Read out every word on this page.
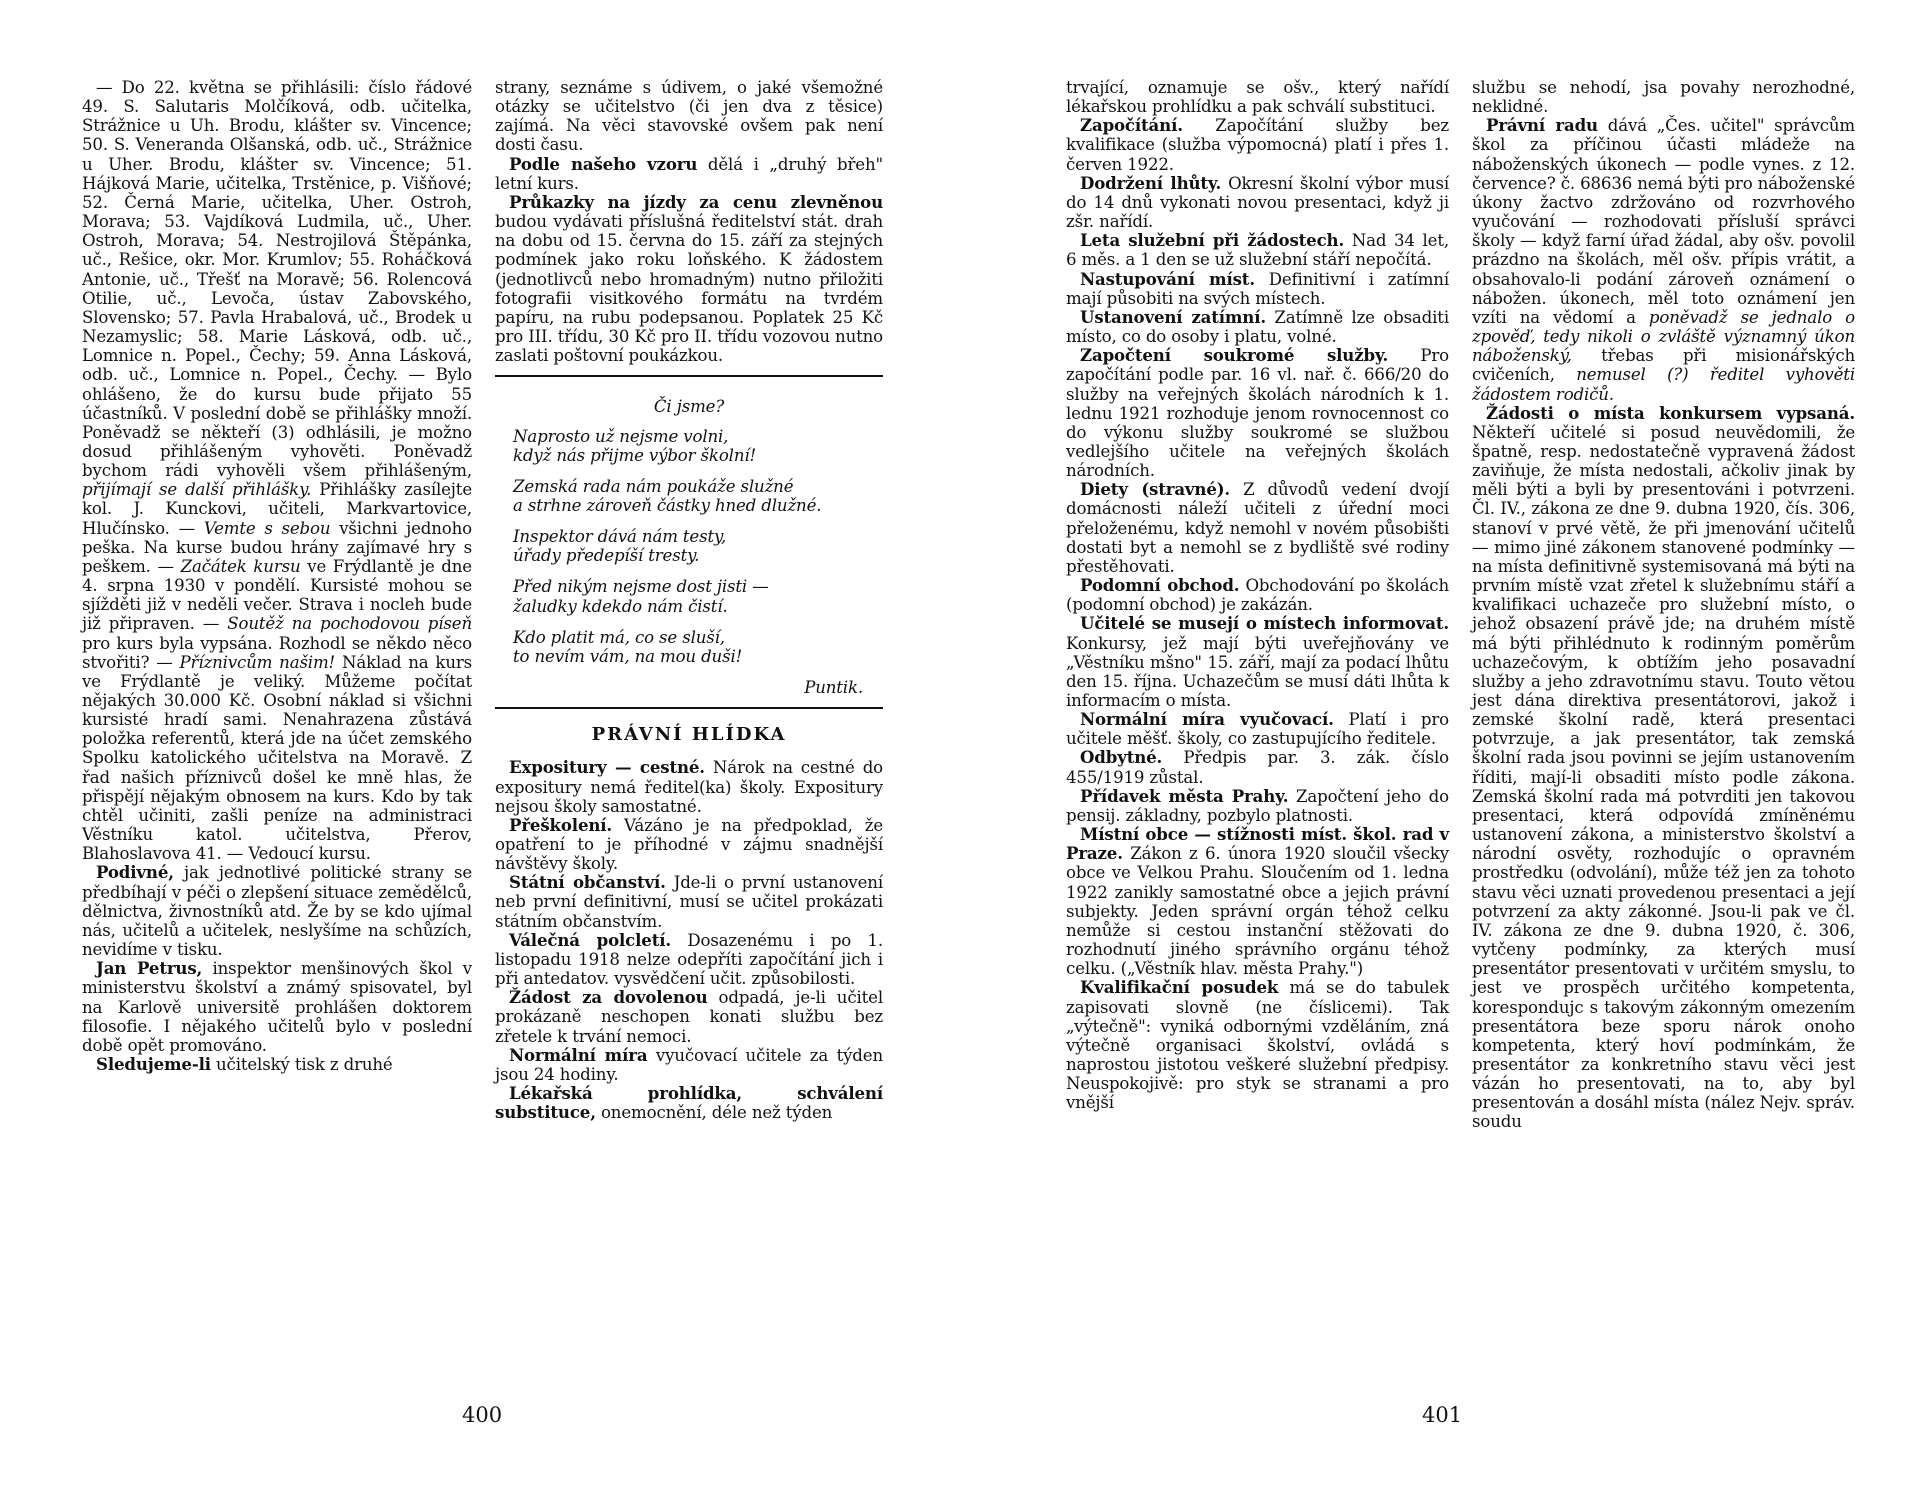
— Do 22. května se přihlásili: číslo řádové 49. S. Salutaris Molčíková, odb. učitelka, Strážnice u Uh. Brodu, klášter sv. Vincence; 50. S. Veneranda Olšanská, odb. uč., Strážnice u Uher. Brodu, klášter sv. Vincence; 51. Hájková Marie, učitelka, Trstěnice, p. Višňové; 52. Černá Marie, učitelka, Uher. Ostroh, Morava; 53. Vajdíková Ludmila, uč., Uher. Ostroh, Morava; 54. Nestrojilová Štěpánka, uč., Rešice, okr. Mor. Krumlov; 55. Roháčková Antonie, uč., Třešť na Moravě; 56. Rolencová Otilie, uč., Levoča, ústav Zabovského, Slovensko; 57. Pavla Hrabalová, uč., Brodek u Nezamyslic; 58. Marie Lásková, odb. uč., Lomnice n. Popel., Čechy; 59. Anna Lásková, odb. uč., Lomnice n. Popel., Čechy. — Bylo ohlášeno, že do kursu bude přijato 55 účastníků. V poslední době se přihlášky množí. Poněvadž se někteří (3) odhlásili, je možno dosud přihlášeným vyhověti. Poněvadž bychom rádi vyhověli všem přihlášeným, přijímají se další přihlášky. Přihlášky zasílejte kol. J. Kunckovi, učiteli, Markvartovice, Hlučínsko. — Vemte s sebou všichni jednoho peška. Na kurse budou hrány zajímavé hry s peškem. — Začátek kursu ve Frýdlantě je dne 4. srpna 1930 v pondělí. Kursisté mohou se sjížděti již v neděli večer. Strava i nocleh bude již připraven. — Soutěž na pochodovou píseň pro kurs byla vypsána. Rozhodl se někdo něco stvořiti? — Příznivcům našim! Náklad na kurs ve Frýdlantě je veliký. Můžeme počítat nějakých 30.000 Kč. Osobní náklad si všichni kursisté hradí sami. Nenahrazena zůstává položka referentů, která jde na účet zemského Spolku katolického učitelstva na Moravě. Z řad našich příznivců došel ke mně hlas, že přispějí nějakým obnosem na kurs. Kdo by tak chtěl učiniti, zašli peníze na administraci Věstníku katol. učitelstva, Přerov, Blahoslavova 41. — Vedoucí kursu.

Podivné, jak jednotlivé politické strany se předbíhají v péči o zlepšení situace zemědělců, dělnictva, živnostníků atd. Že by se kdo ujímal nás, učitelů a učitelek, neslyšíme na schůzích, nevidíme v tisku.

Jan Petrus, inspektor menšinových škol v ministerstvu školství a známý spisovatel, byl na Karlově universitě prohlášen doktorem filosofie. I nějakého učitelů bylo v poslední době opět promováno.

Sledujeme-li učitelský tisk z druhé

strany, seznáme s údivem, o jaké všemožné otázky se učitelstvo (či jen dva z těsice) zajímá. Na věci stavovské ovšem pak není dosti času.

Podle našeho vzoru dělá i „druhý břeh" letní kurs.

Průkazky na jízdy za cenu zlevněnou budou vydávati příslušná ředitelství stát. drah na dobu od 15. června do 15. září za stejných podmínek jako roku loňského. K žádostem (jednotlivců nebo hromadným) nutno přiložiti fotografii visitkového formátu na tvrdém papíru, na rubu podepsanou. Poplatek 25 Kč pro III. třídu, 30 Kč pro II. třídu vozovou nutno zaslati poštovní poukázkou.

Či jsme?
Naprosto už nejsme volni,
když nás přijme výbor školní!
Zemská rada nám poukáže služné
a strhne zároveň částky hned dlužné.
Inspektor dává nám testy,
úřady předepíší tresty.
Před nikým nejsme dost jisti —
žaludky kdekdo nám čistí.
Kdo platit má, co se sluší,
to nevím vám, na mou duši!
Puntik.
PRÁVNÍ HLÍDKA

Expositury — cestné. Nárok na cestné do expositury nemá ředitel(ka) školy. Expositury nejsou školy samostatné.

Přeškolení. Vázáno je na předpoklad, že opatření to je příhodné v zájmu snadnější návštěvy školy.

Státní občanství. Jde-li o první ustanovení neb první definitivní, musí se učitel prokázati státním občanstvím.

Válečná polcletí. Dosazenému i po 1. listopadu 1918 nelze odepříti započítání jich i při antedatov. vysvědčení učit. způsobilosti.

Žádost za dovolenou odpadá, je-li učitel prokázaně neschopen konati službu bez zřetele k trvání nemoci.

Normální míra vyučovací učitele za týden jsou 24 hodiny.

Lékařská prohlídka, schválení substituce, onemocnění, déle než týden

400

trvající, oznamuje se ošv., který nařídí lékařskou prohlídku a pak schválí substituci.

Započítání. Započítání služby bez kvalifikace (služba výpomocná) platí i přes 1. červen 1922.

Dodržení lhůty. Okresní školní výbor musí do 14 dnů vykonati novou presentaci, když ji zšr. nařídí.

Leta služební při žádostech. Nad 34 let, 6 měs. a 1 den se už služební stáří nepočítá.

Nastupování míst. Definitivní i zatímní mají působiti na svých místech.

Ustanovení zatímní. Zatímně lze obsaditi místo, co do osoby i platu, volné.

Započtení soukromé služby. Pro započítání podle par. 16 vl. nař. č. 666/20 do služby na veřejných školách národních k 1. lednu 1921 rozhoduje jenom rovnocennost co do výkonu služby soukromé se službou vedlejšího učitele na veřejných školách národních.

Diety (stravné). Z důvodů vedení dvojí domácnosti náleží učiteli z úřední moci přeloženému, když nemohl v novém působišti dostati byt a nemohl se z bydliště své rodiny přestěhovati.

Podomní obchod. Obchodování po školách (podomní obchod) je zakázán.

Učitelé se musejí o místech informovat. Konkursy, jež mají býti uveřejňovány ve „Věstníku mšno" 15. září, mají za podací lhůtu den 15. října. Uchazečům se musí dáti lhůta k informacím o místa.

Normální míra vyučovací. Platí i pro učitele měšť. školy, co zastupujícího ředitele.

Odbytné. Předpis par. 3. zák. číslo 455/1919 zůstal.

Přídavek města Prahy. Započtení jeho do pensij. základny, pozbylo platnosti.

Místní obce — stížnosti míst. škol. rad v Praze. Zákon z 6. února 1920 sloučil všecky obce ve Velkou Prahu. Sloučením od 1. ledna 1922 zanikly samostatné obce a jejich právní subjekty. Jeden správní orgán téhož celku nemůže si cestou instanční stěžovati do rozhodnutí jiného správního orgánu téhož celku. („Věstník hlav. města Prahy.")

Kvalifikační posudek má se do tabulek zapisovati slovně (ne číslicemi). Tak „výtečně": vyniká odbornými vzděláním, zná výtečně organisaci školství, ovládá s naprostou jistotou veškeré služební předpisy. Neuspokojivě: pro styk se stranami a pro vnější

službu se nehodí, jsa povahy nerozhodné, neklidné.

Právní radu dává „Čes. učitel" správcům škol za příčinou účasti mládeže na náboženských úkonech — podle vynes. z 12. července? č. 68636 nemá býti pro náboženské úkony žactvo zdržováno od rozvrhového vyučování — rozhodovati přísluší správci školy — když farní úřad žádal, aby ošv. povolil prázdno na školách, měl ošv. přípis vrátit, a obsahovalo-li podání zároveň oznámení o nábožen. úkonech, měl toto oznámení jen vzíti na vědomí a poněvadž se jednalo o zpověď, tedy nikoli o zvláště významný úkon náboženský, třebas při misionářských cvičeních, nemusel (?) ředitel vyhověti žádostem rodičů.

Žádosti o místa konkursem vypsaná. Někteří učitelé si posud neuvědomili, že špatně, resp. nedostatečně vypravená žádost zaviňuje, že místa nedostali, ačkoliv jinak by měli býti a byli by presentováni i potvrzeni. Čl. IV., zákona ze dne 9. dubna 1920, čís. 306, stanoví v prvé větě, že při jmenování učitelů — mimo jiné zákonem stanovené podmínky — na místa definitivně systemisovaná má býti na prvním místě vzat zřetel k služebnímu stáří a kvalifikaci uchazeče pro služební místo, o jehož obsazení právě jde; na druhém místě má býti přihlédnuto k rodinným poměrům uchazečovým, k obtížím jeho posavadní služby a jeho zdravotnímu stavu. Touto větou jest dána direktiva presentátorovi, jakož i zemské školní radě, která presentaci potvrzuje, a jak presentátor, tak zemská školní rada jsou povinni se jejím ustanovením říditi, mají-li obsaditi místo podle zákona. Zemská školní rada má potvrditi jen takovou presentaci, která odpovídá zmíněnému ustanovení zákona, a ministerstvo školství a národní osvěty, rozhodujíc o opravném prostředku (odvolání), může též jen za tohoto stavu věci uznati provedenou presentaci a její potvrzení za akty zákonné. Jsou-li pak ve čl. IV. zákona ze dne 9. dubna 1920, č. 306, vytčeny podmínky, za kterých musí presentátor presentovati v určitém smyslu, to jest ve prospěch určitého kompetenta, korespondujc s takovým zákonným omezením presentátora beze sporu nárok onoho kompetenta, který hoví podmínkám, že presentátor za konkretního stavu věci jest vázán ho presentovati, na to, aby byl presentován a dosáhl místa (nález Nejv. správ. soudu

401
